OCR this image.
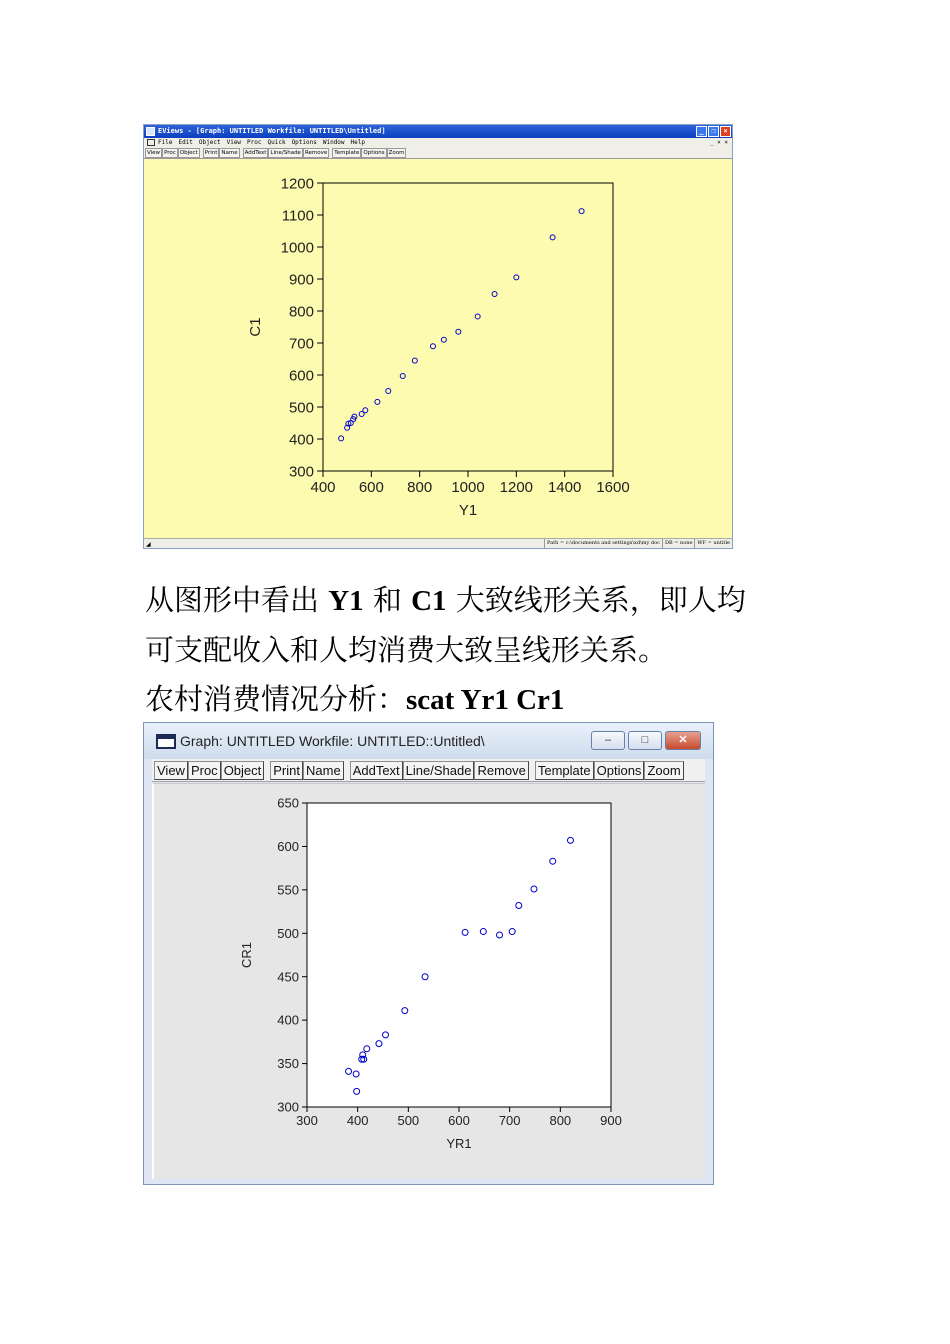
EViews - [Graph: UNTITLED Workfile: UNTITLED\Untitled]	_	❐	×
File Edit Object View Proc Quick Options Window Help	_ × ×
View Proc Object	Print Name	AddText Line/Shade Remove	Template Options Zoom
400 600 800 1000 1200 1400 1600
300
400
500
600
700
800
900
1000
1100
1200
Y1
C1
◢	Path = c:\documents and settings\xd\my doc	DB = none	WF = untitle
从图形中看出 Y1 和 C1 大致线形关系，即人均
可支配收入和人均消费大致呈线形关系。
农村消费情况分析：scat Yr1 Cr1
Graph: UNTITLED Workfile: UNTITLED::Untitled\	–	□	✕
View Proc Object Print Name AddText Line/Shade Remove Template Options Zoom
300 400 500 600 700 800 900
300
350
400
450
500
550
600
650
YR1
CR1
